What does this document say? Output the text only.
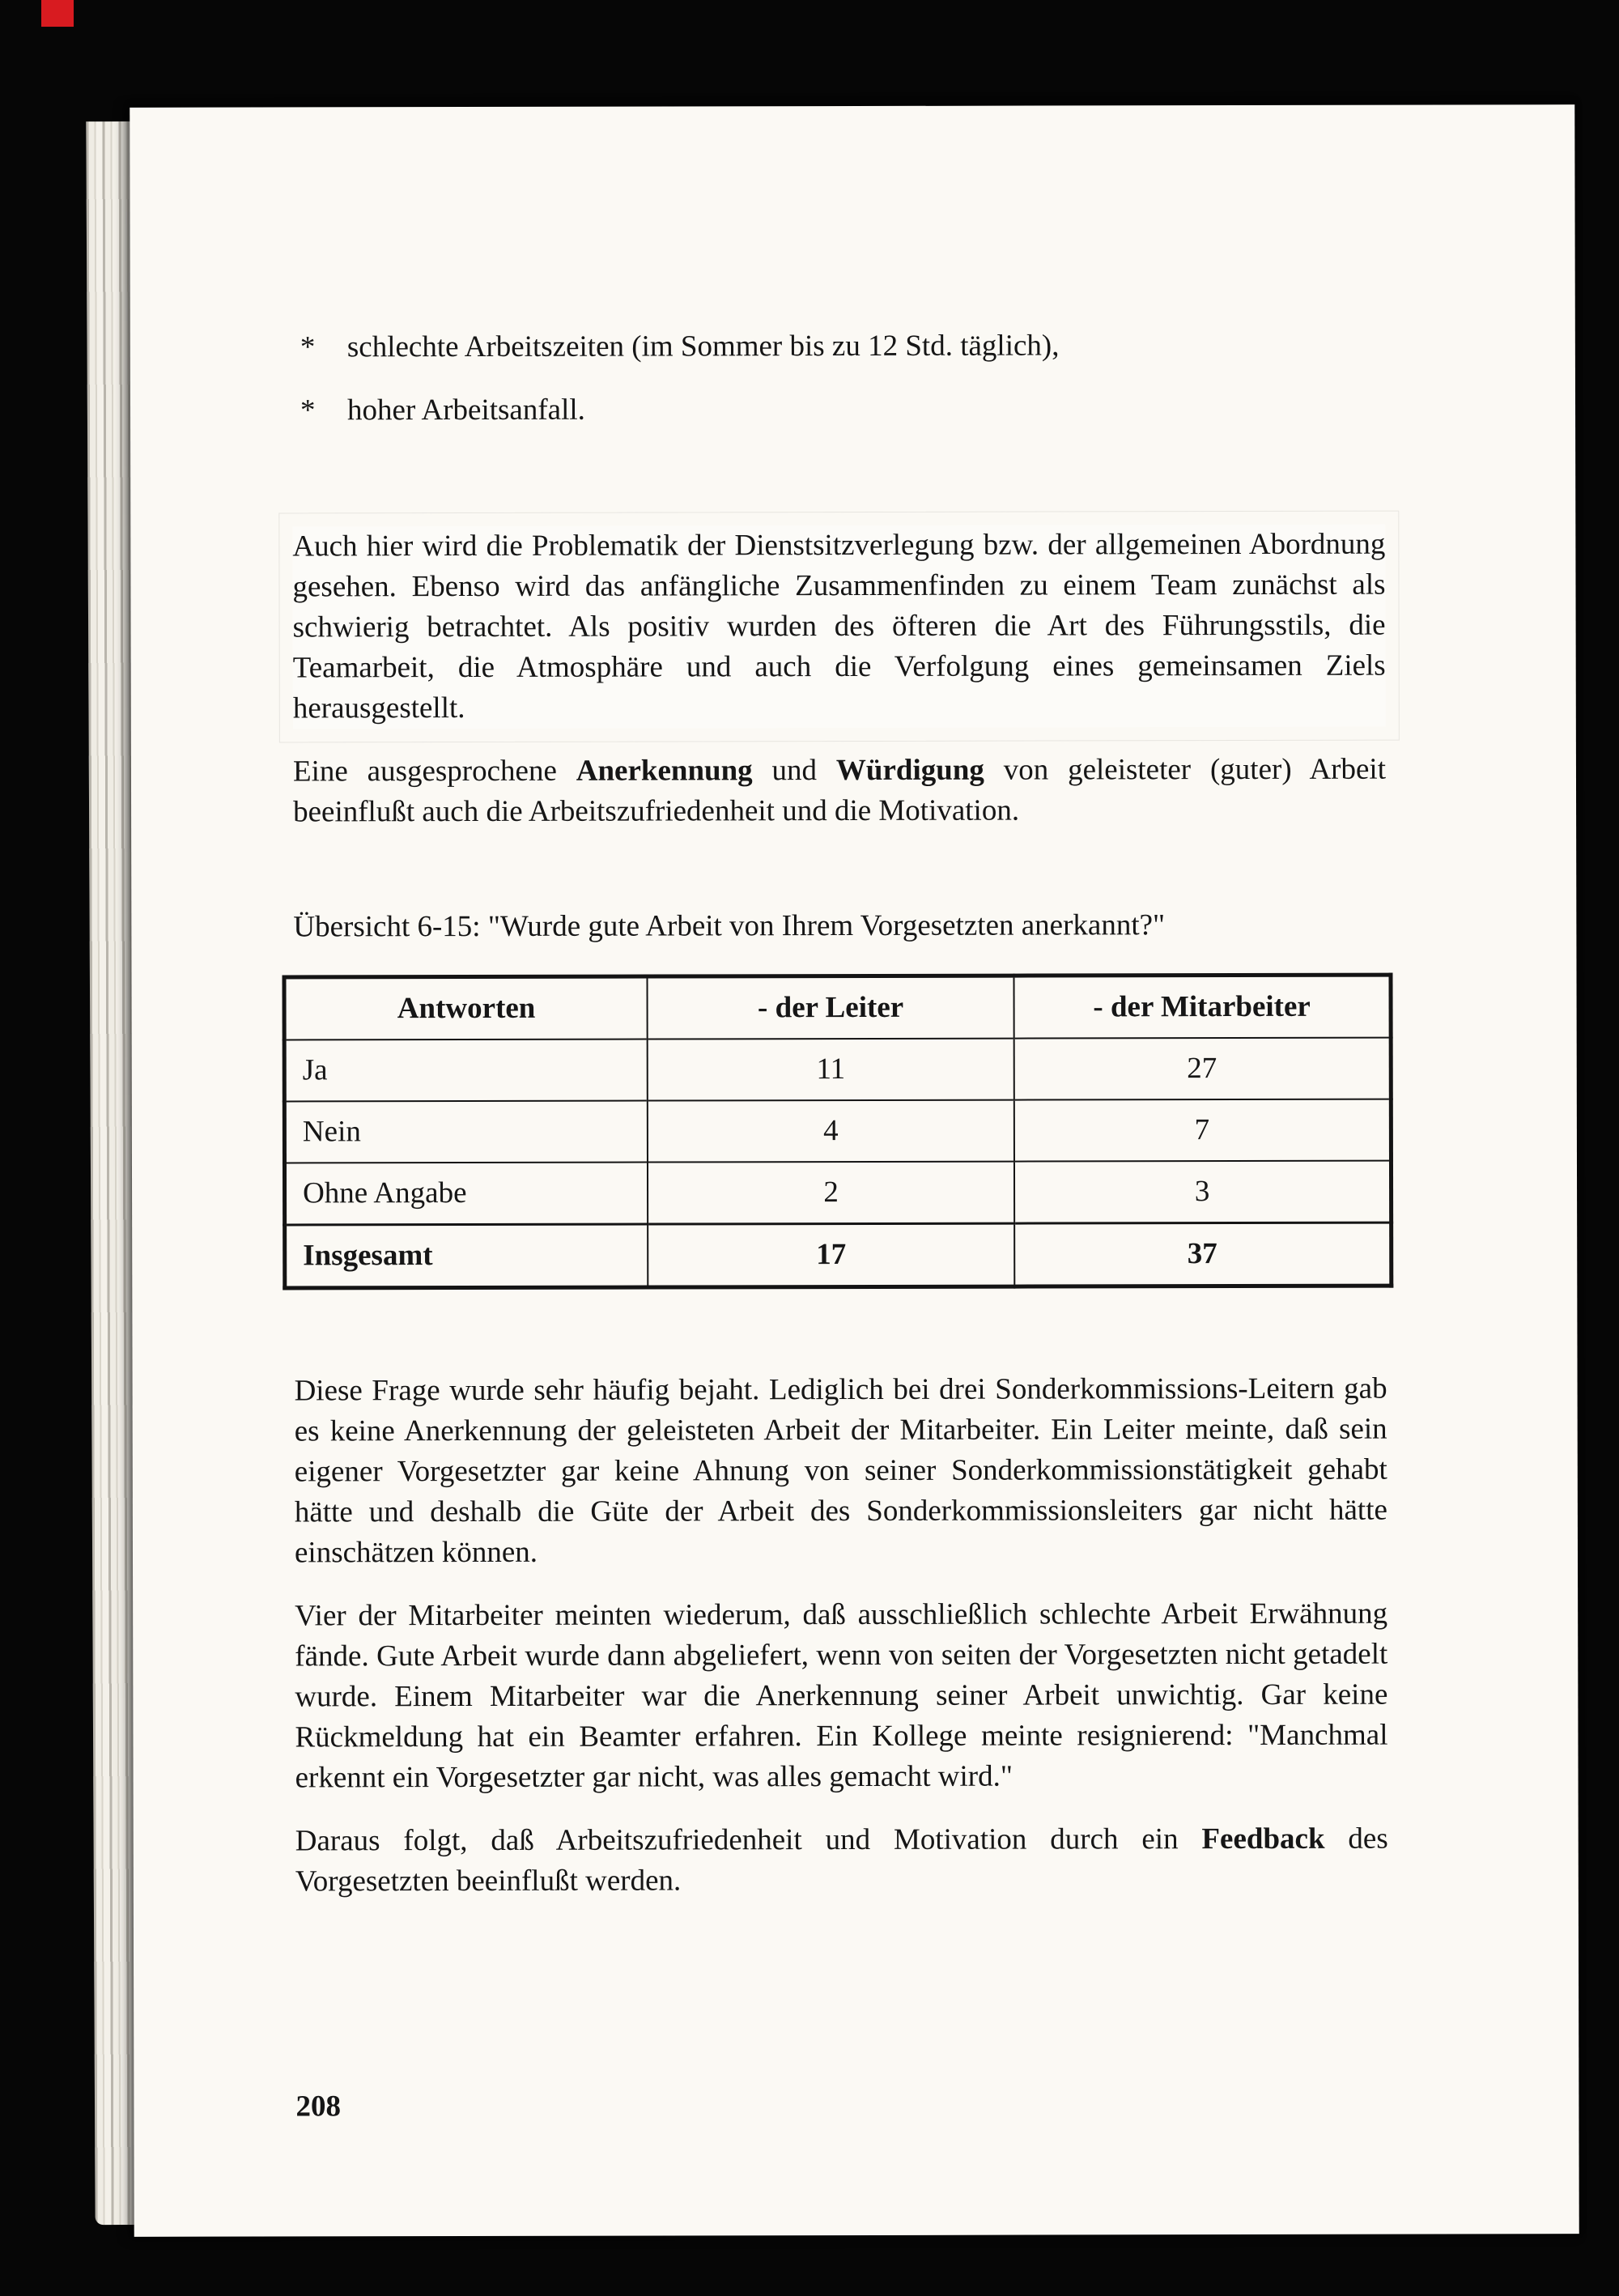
*	schlechte Arbeitszeiten (im Sommer bis zu 12 Std. täglich),
*	hoher Arbeitsanfall.

Auch hier wird die Problematik der Dienstsitzverlegung bzw. der allgemeinen Abordnung gesehen. Ebenso wird das anfängliche Zusammenfinden zu einem Team zunächst als schwierig betrachtet. Als positiv wurden des öfteren die Art des Führungsstils, die Teamarbeit, die Atmosphäre und auch die Verfolgung eines gemeinsamen Ziels herausgestellt.

Eine ausgesprochene Anerkennung und Würdigung von geleisteter (guter) Arbeit beeinflußt auch die Arbeitszufriedenheit und die Motivation.

Übersicht 6-15: "Wurde gute Arbeit von Ihrem Vorgesetzten anerkannt?"

Antworten	- der Leiter	- der Mitarbeiter
Ja	11	27
Nein	4	7
Ohne Angabe	2	3
Insgesamt	17	37

Diese Frage wurde sehr häufig bejaht. Lediglich bei drei Sonderkommissions-Leitern gab es keine Anerkennung der geleisteten Arbeit der Mitarbeiter. Ein Leiter meinte, daß sein eigener Vorgesetzter gar keine Ahnung von seiner Sonderkommissionstätigkeit gehabt hätte und deshalb die Güte der Arbeit des Sonderkommissionsleiters gar nicht hätte einschätzen können.

Vier der Mitarbeiter meinten wiederum, daß ausschließlich schlechte Arbeit Erwähnung fände. Gute Arbeit wurde dann abgeliefert, wenn von seiten der Vorgesetzten nicht getadelt wurde. Einem Mitarbeiter war die Anerkennung seiner Arbeit unwichtig. Gar keine Rückmeldung hat ein Beamter erfahren. Ein Kollege meinte resignierend: "Manchmal erkennt ein Vorgesetzter gar nicht, was alles gemacht wird."

Daraus folgt, daß Arbeitszufriedenheit und Motivation durch ein Feedback des Vorgesetzten beeinflußt werden.

208
